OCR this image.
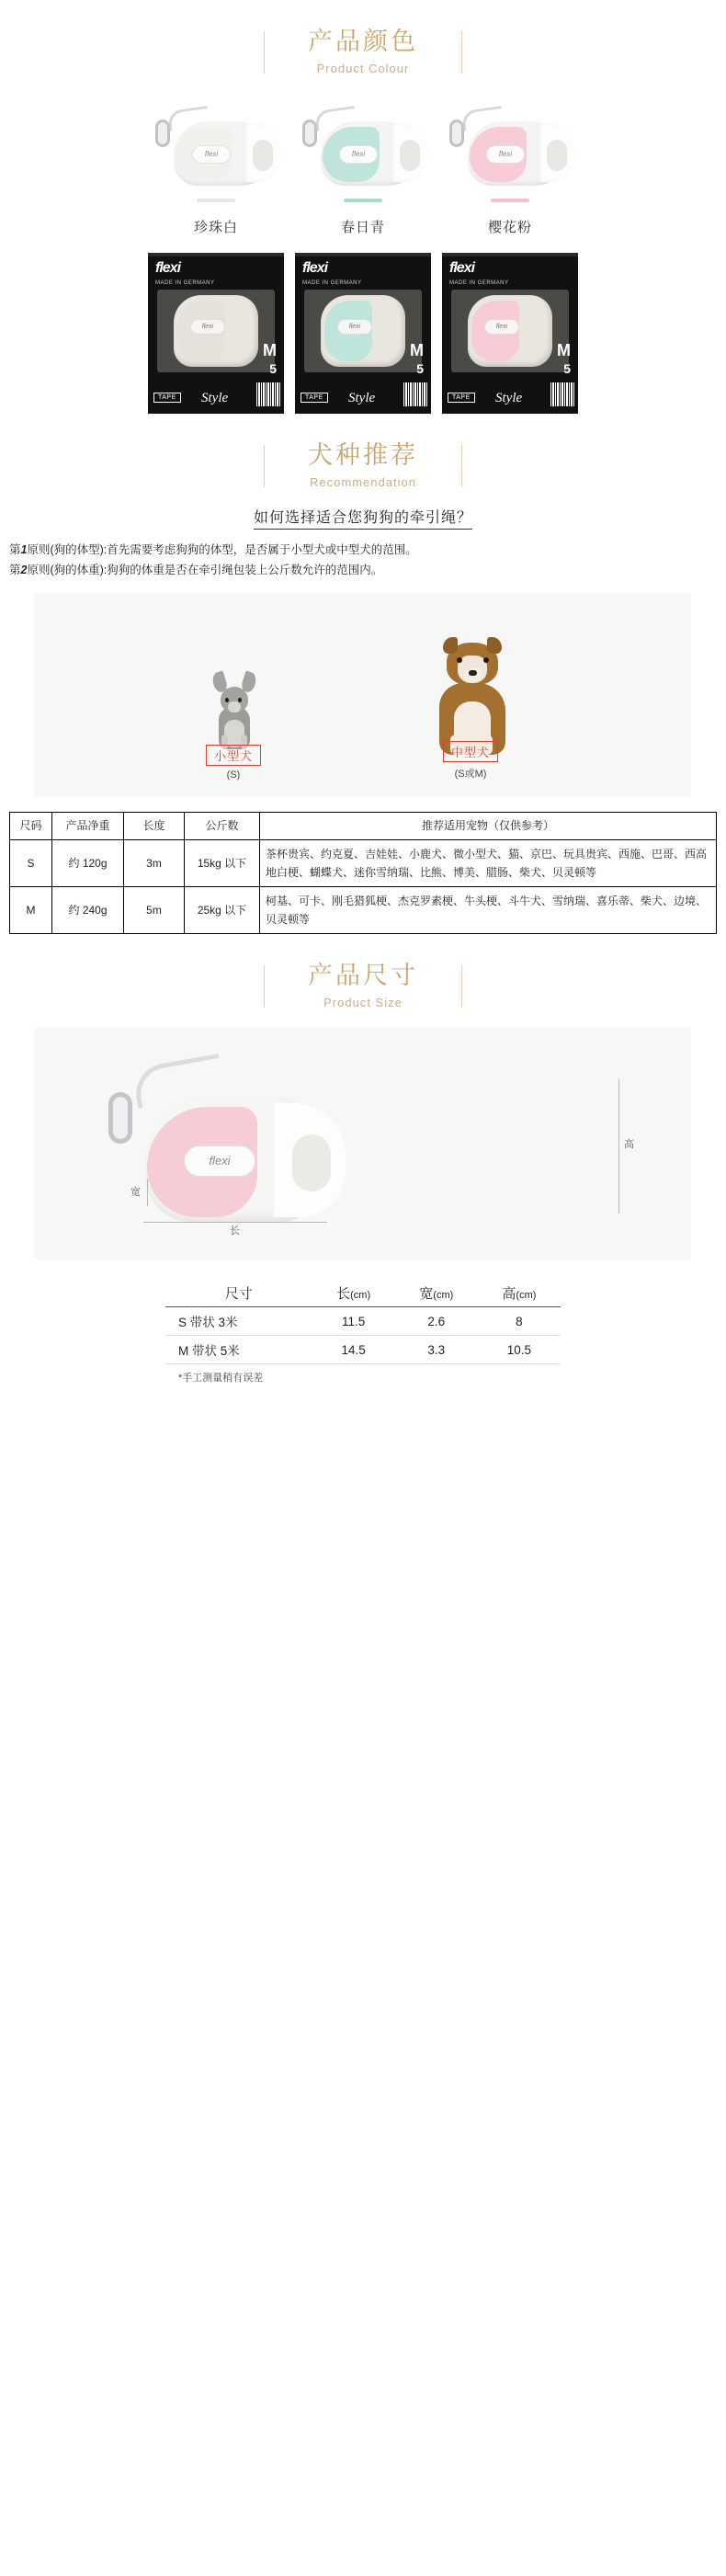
产品颜色
Product Colour
flexi
珍珠白
flexi
春日青
flexi
樱花粉
flexi
MADE IN GERMANY
flexi
M
5
TAPE	Style
flexi
MADE IN GERMANY
flexi
M
5
TAPE	Style
flexi
MADE IN GERMANY
flexi
M
5
TAPE	Style
犬种推荐
Recommendation
如何选择适合您狗狗的牵引绳？
第1原则(狗的体型):首先需要考虑狗狗的体型，是否属于小型犬或中型犬的范围。
第2原则(狗的体重):狗狗的体重是否在牵引绳包装上公斤数允许的范围内。
小型犬
(S)
中型犬
(S或M)
尺码	产品净重	长度	公斤数	推荐适用宠物（仅供参考）
S	约 120g	3m	15kg 以下	茶杯贵宾、约克夏、吉娃娃、小鹿犬、微小型犬、猫、京巴、玩具贵宾、西施、巴哥、西高地白梗、蝴蝶犬、迷你雪纳瑞、比熊、博美、腊肠、柴犬、贝灵顿等
M	约 240g	5m	25kg 以下	柯基、可卡、刚毛猎狐梗、杰克罗素梗、牛头梗、斗牛犬、雪纳瑞、喜乐蒂、柴犬、边境、贝灵顿等
产品尺寸
Product Size
flexi
高
长
宽
尺寸	长(cm)	宽(cm)	高(cm)
S 带状 3米	11.5	2.6	8
M 带状 5米	14.5	3.3	10.5
*手工测量稍有误差
